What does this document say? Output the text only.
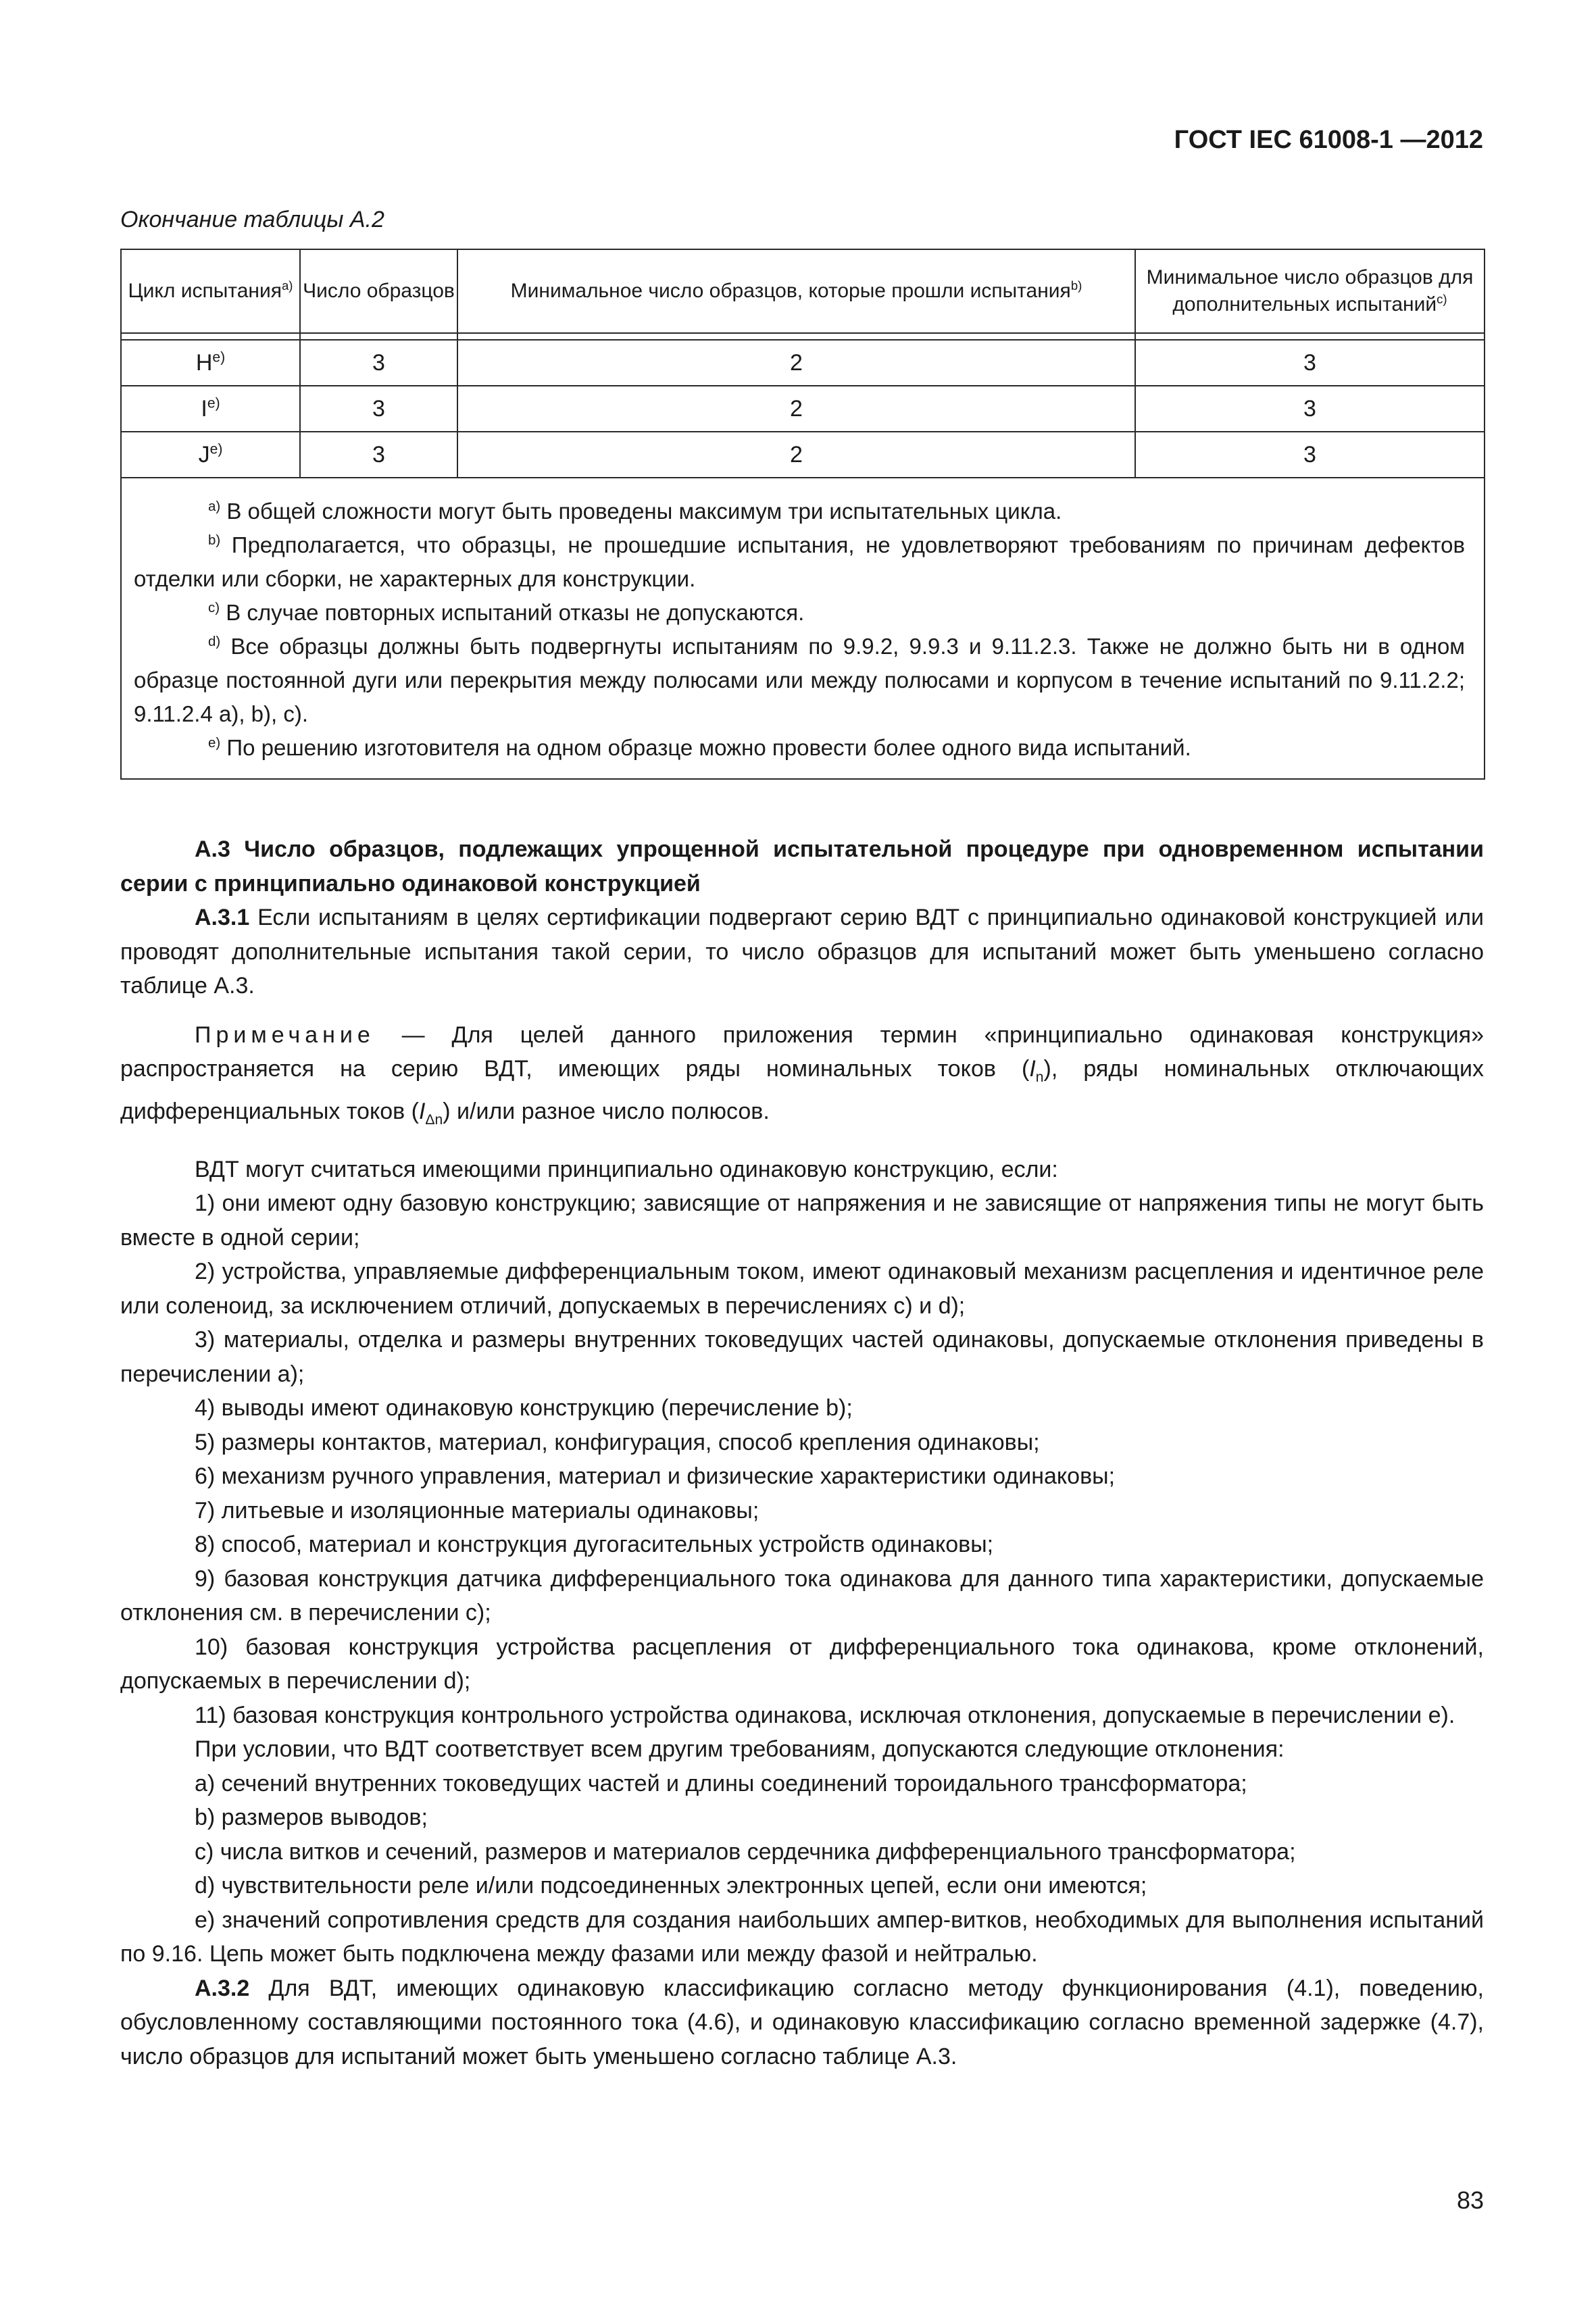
ГОСТ IEC 61008-1 —2012
Окончание таблицы А.2
Цикл испытания$^{a)}$	Число образцов	Минимальное число образцов, которые прошли испытания$^{b)}$	Минимальное число образцов для дополнительных испытаний$^{c)}$

$H^{e)}$	3	2	3
$I^{e)}$	3	2	3
$J^{e)}$	3	2	3

$^{a)}$ В общей сложности могут быть проведены максимум три испытательных цикла.

$^{b)}$ Предполагается, что образцы, не прошедшие испытания, не удовлетворяют требованиям по причинам дефектов отделки или сборки, не характерных для конструкции.

$^{c)}$ В случае повторных испытаний отказы не допускаются.

$^{d)}$ Все образцы должны быть подвергнуты испытаниям по 9.9.2, 9.9.3 и 9.11.2.3. Также не должно быть ни в одном образце постоянной дуги или перекрытия между полюсами или между полюсами и корпусом в течение испытаний по 9.11.2.2; 9.11.2.4 а), b), c).

$^{e)}$ По решению изготовителя на одном образце можно провести более одного вида испытаний.			

А.3 Число образцов, подлежащих упрощенной испытательной процедуре при одновременном испытании серии с принципиально одинаковой конструкцией

А.3.1 Если испытаниям в целях сертификации подвергают серию ВДТ с принципиально одинаковой конструкцией или проводят дополнительные испытания такой серии, то число образцов для испытаний может быть уменьшено согласно таблице А.3.

Примечание — Для целей данного приложения термин «принципиально одинаковая конструкция» распространяется на серию ВДТ, имеющих ряды номинальных токов $(I_n)$, ряды номинальных отключающих дифференциальных токов $(I_{\Delta n})$ и/или разное число полюсов.

ВДТ могут считаться имеющими принципиально одинаковую конструкцию, если:

1) они имеют одну базовую конструкцию; зависящие от напряжения и не зависящие от напряжения типы не могут быть вместе в одной серии;

2) устройства, управляемые дифференциальным током, имеют одинаковый механизм расцепления и идентичное реле или соленоид, за исключением отличий, допускаемых в перечислениях с) и d);

3) материалы, отделка и размеры внутренних токоведущих частей одинаковы, допускаемые отклонения приведены в перечислении а);

4) выводы имеют одинаковую конструкцию (перечисление b);

5) размеры контактов, материал, конфигурация, способ крепления одинаковы;

6) механизм ручного управления, материал и физические характеристики одинаковы;

7) литьевые и изоляционные материалы одинаковы;

8) способ, материал и конструкция дугогасительных устройств одинаковы;

9) базовая конструкция датчика дифференциального тока одинакова для данного типа характеристики, допускаемые отклонения см. в перечислении с);

10) базовая конструкция устройства расцепления от дифференциального тока одинакова, кроме отклонений, допускаемых в перечислении d);

11) базовая конструкция контрольного устройства одинакова, исключая отклонения, допускаемые в перечислении е).

При условии, что ВДТ соответствует всем другим требованиям, допускаются следующие отклонения:

а) сечений внутренних токоведущих частей и длины соединений тороидального трансформатора;

b) размеров выводов;

c) числа витков и сечений, размеров и материалов сердечника дифференциального трансформатора;

d) чувствительности реле и/или подсоединенных электронных цепей, если они имеются;

e) значений сопротивления средств для создания наибольших ампер-витков, необходимых для выполнения испытаний по 9.16. Цепь может быть подключена между фазами или между фазой и нейтралью.

А.3.2 Для ВДТ, имеющих одинаковую классификацию согласно методу функционирования (4.1), поведению, обусловленному составляющими постоянного тока (4.6), и одинаковую классификацию согласно временной задержке (4.7), число образцов для испытаний может быть уменьшено согласно таблице А.3.

83
